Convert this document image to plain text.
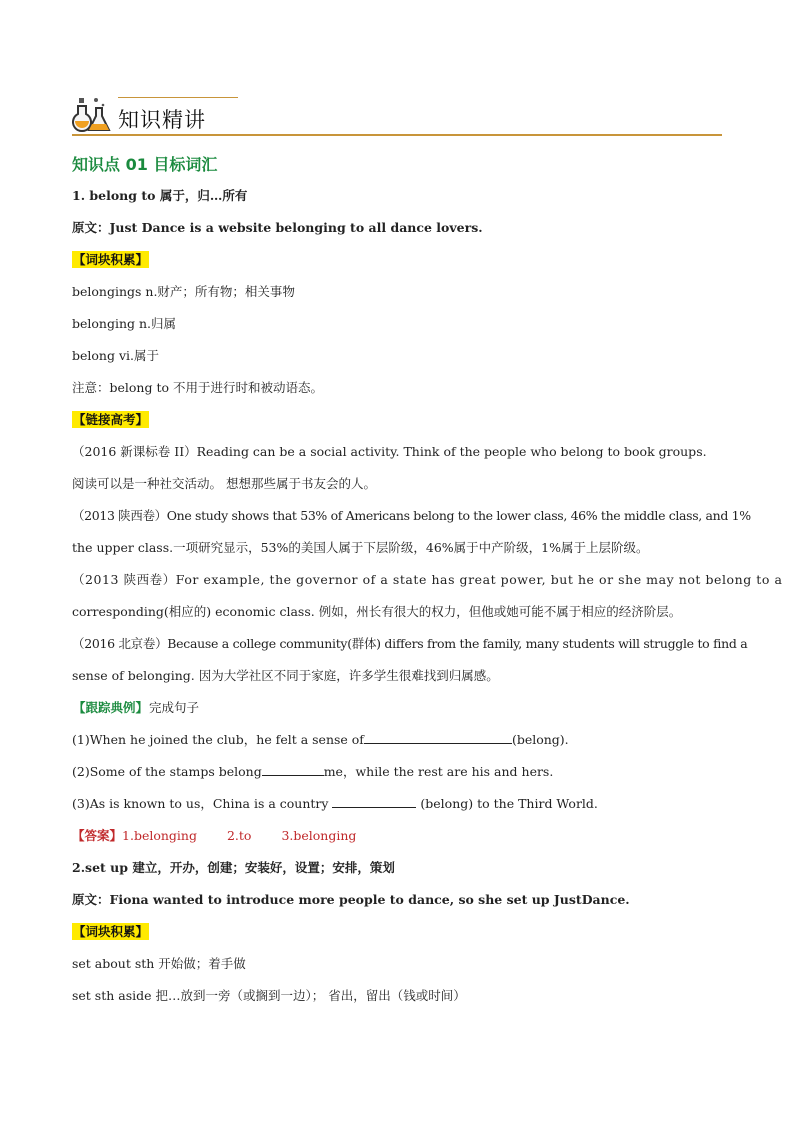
知识精讲
知识点 01 目标词汇
1. belong to 属于，归…所有
原文：Just Dance is a website belonging to all dance lovers.
【词块积累】
belongings n.财产；所有物；相关事物
belonging n.归属
belong vi.属于
注意：belong to 不用于进行时和被动语态。
【链接高考】
（2016 新课标卷 II）Reading can be a social activity. Think of the people who belong to book groups.
阅读可以是一种社交活动。 想想那些属于书友会的人。
（2013 陕西卷）One study shows that 53% of Americans belong to the lower class, 46% the middle class, and 1%
the upper class.一项研究显示，53%的美国人属于下层阶级，46%属于中产阶级，1%属于上层阶级。
（2013 陕西卷）For example, the governor of a state has great power, but he or she may not belong to a
corresponding(相应的) economic class. 例如，州长有很大的权力，但他或她可能不属于相应的经济阶层。
（2016 北京卷）Because a college community(群体) differs from the family, many students will struggle to find a
sense of belonging. 因为大学社区不同于家庭，许多学生很难找到归属感。
【跟踪典例】完成句子
(1)When he joined the club，he felt a sense of	(belong).
(2)Some of the stamps belong	me，while the rest are his and hers.
(3)As is known to us，China is a country	(belong) to the Third World.
【答案】1.belonging 2.to 3.belonging
2.set up 建立，开办，创建；安装好，设置；安排，策划
原文：Fiona wanted to introduce more people to dance, so she set up JustDance.
【词块积累】
set about sth 开始做；着手做
set sth aside 把…放到一旁（或搁到一边）； 省出，留出（钱或时间）
